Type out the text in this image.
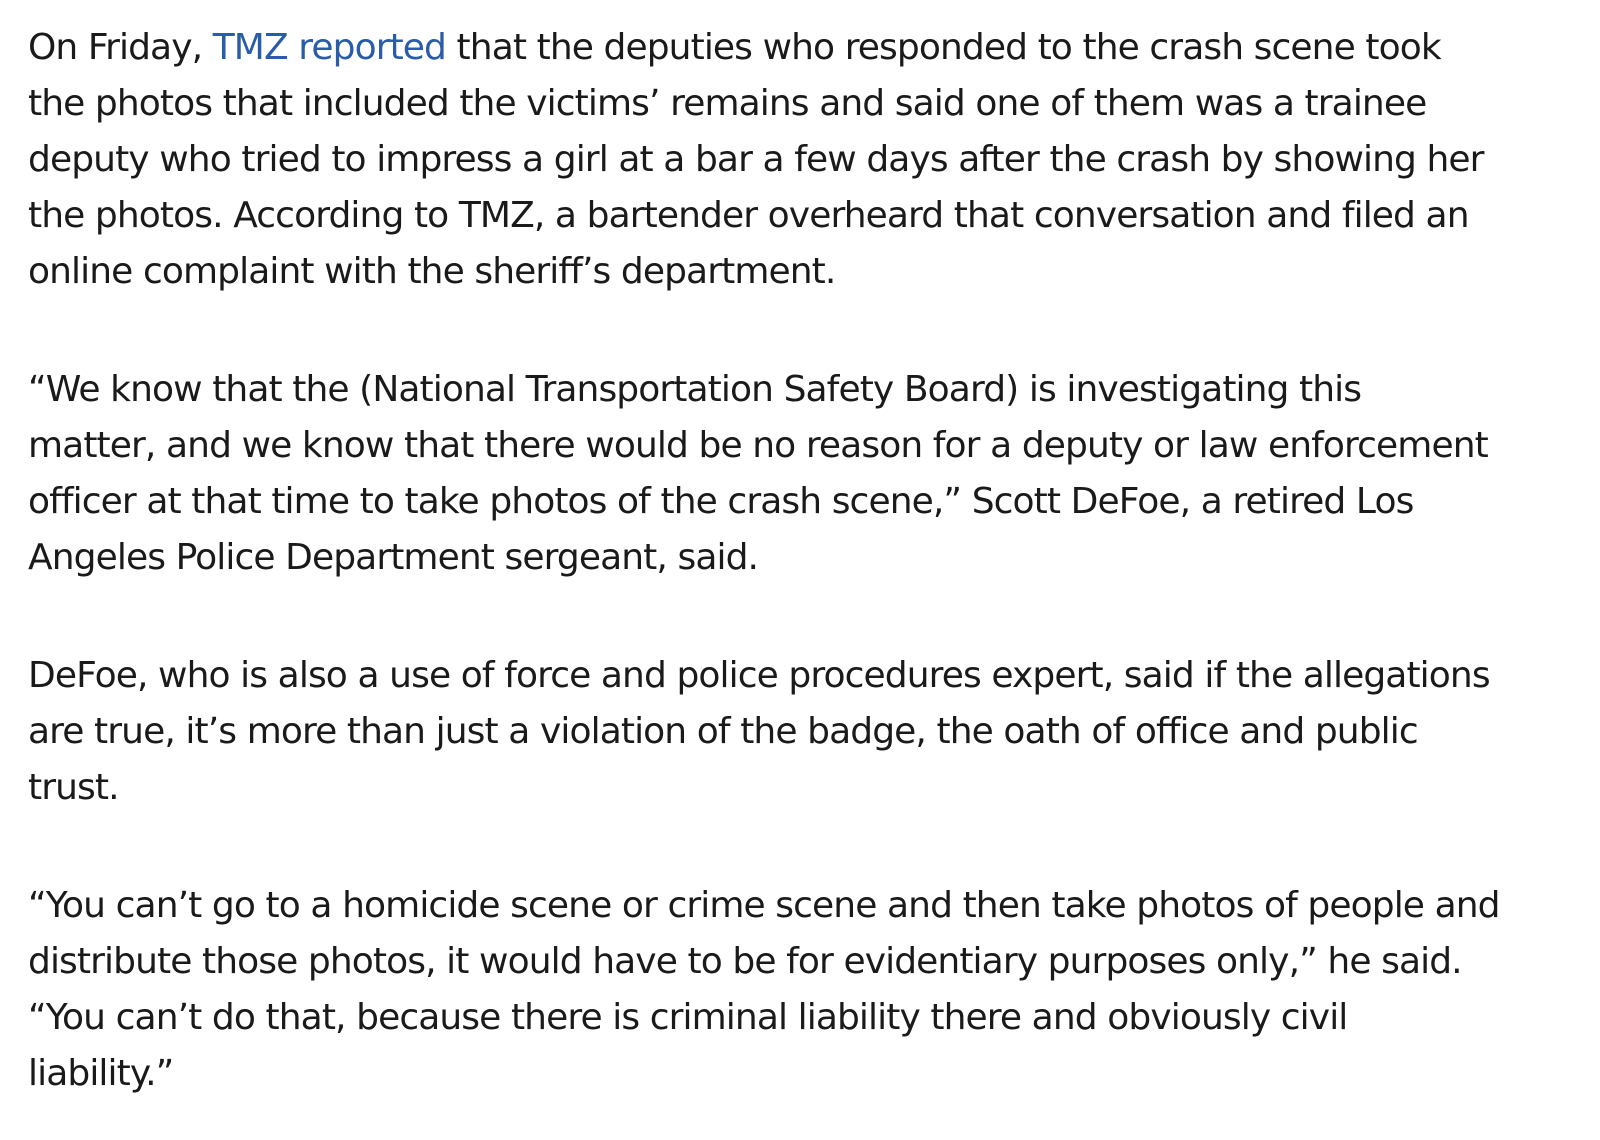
On Friday, TMZ reported that the deputies who responded to the crash scene took
the photos that included the victims’ remains and said one of them was a trainee
deputy who tried to impress a girl at a bar a few days after the crash by showing her
the photos. According to TMZ, a bartender overheard that conversation and filed an
online complaint with the sheriff’s department.

“We know that the (National Transportation Safety Board) is investigating this
matter, and we know that there would be no reason for a deputy or law enforcement
officer at that time to take photos of the crash scene,” Scott DeFoe, a retired Los
Angeles Police Department sergeant, said.

DeFoe, who is also a use of force and police procedures expert, said if the allegations
are true, it’s more than just a violation of the badge, the oath of office and public
trust.

“You can’t go to a homicide scene or crime scene and then take photos of people and
distribute those photos, it would have to be for evidentiary purposes only,” he said.
“You can’t do that, because there is criminal liability there and obviously civil
liability.”
